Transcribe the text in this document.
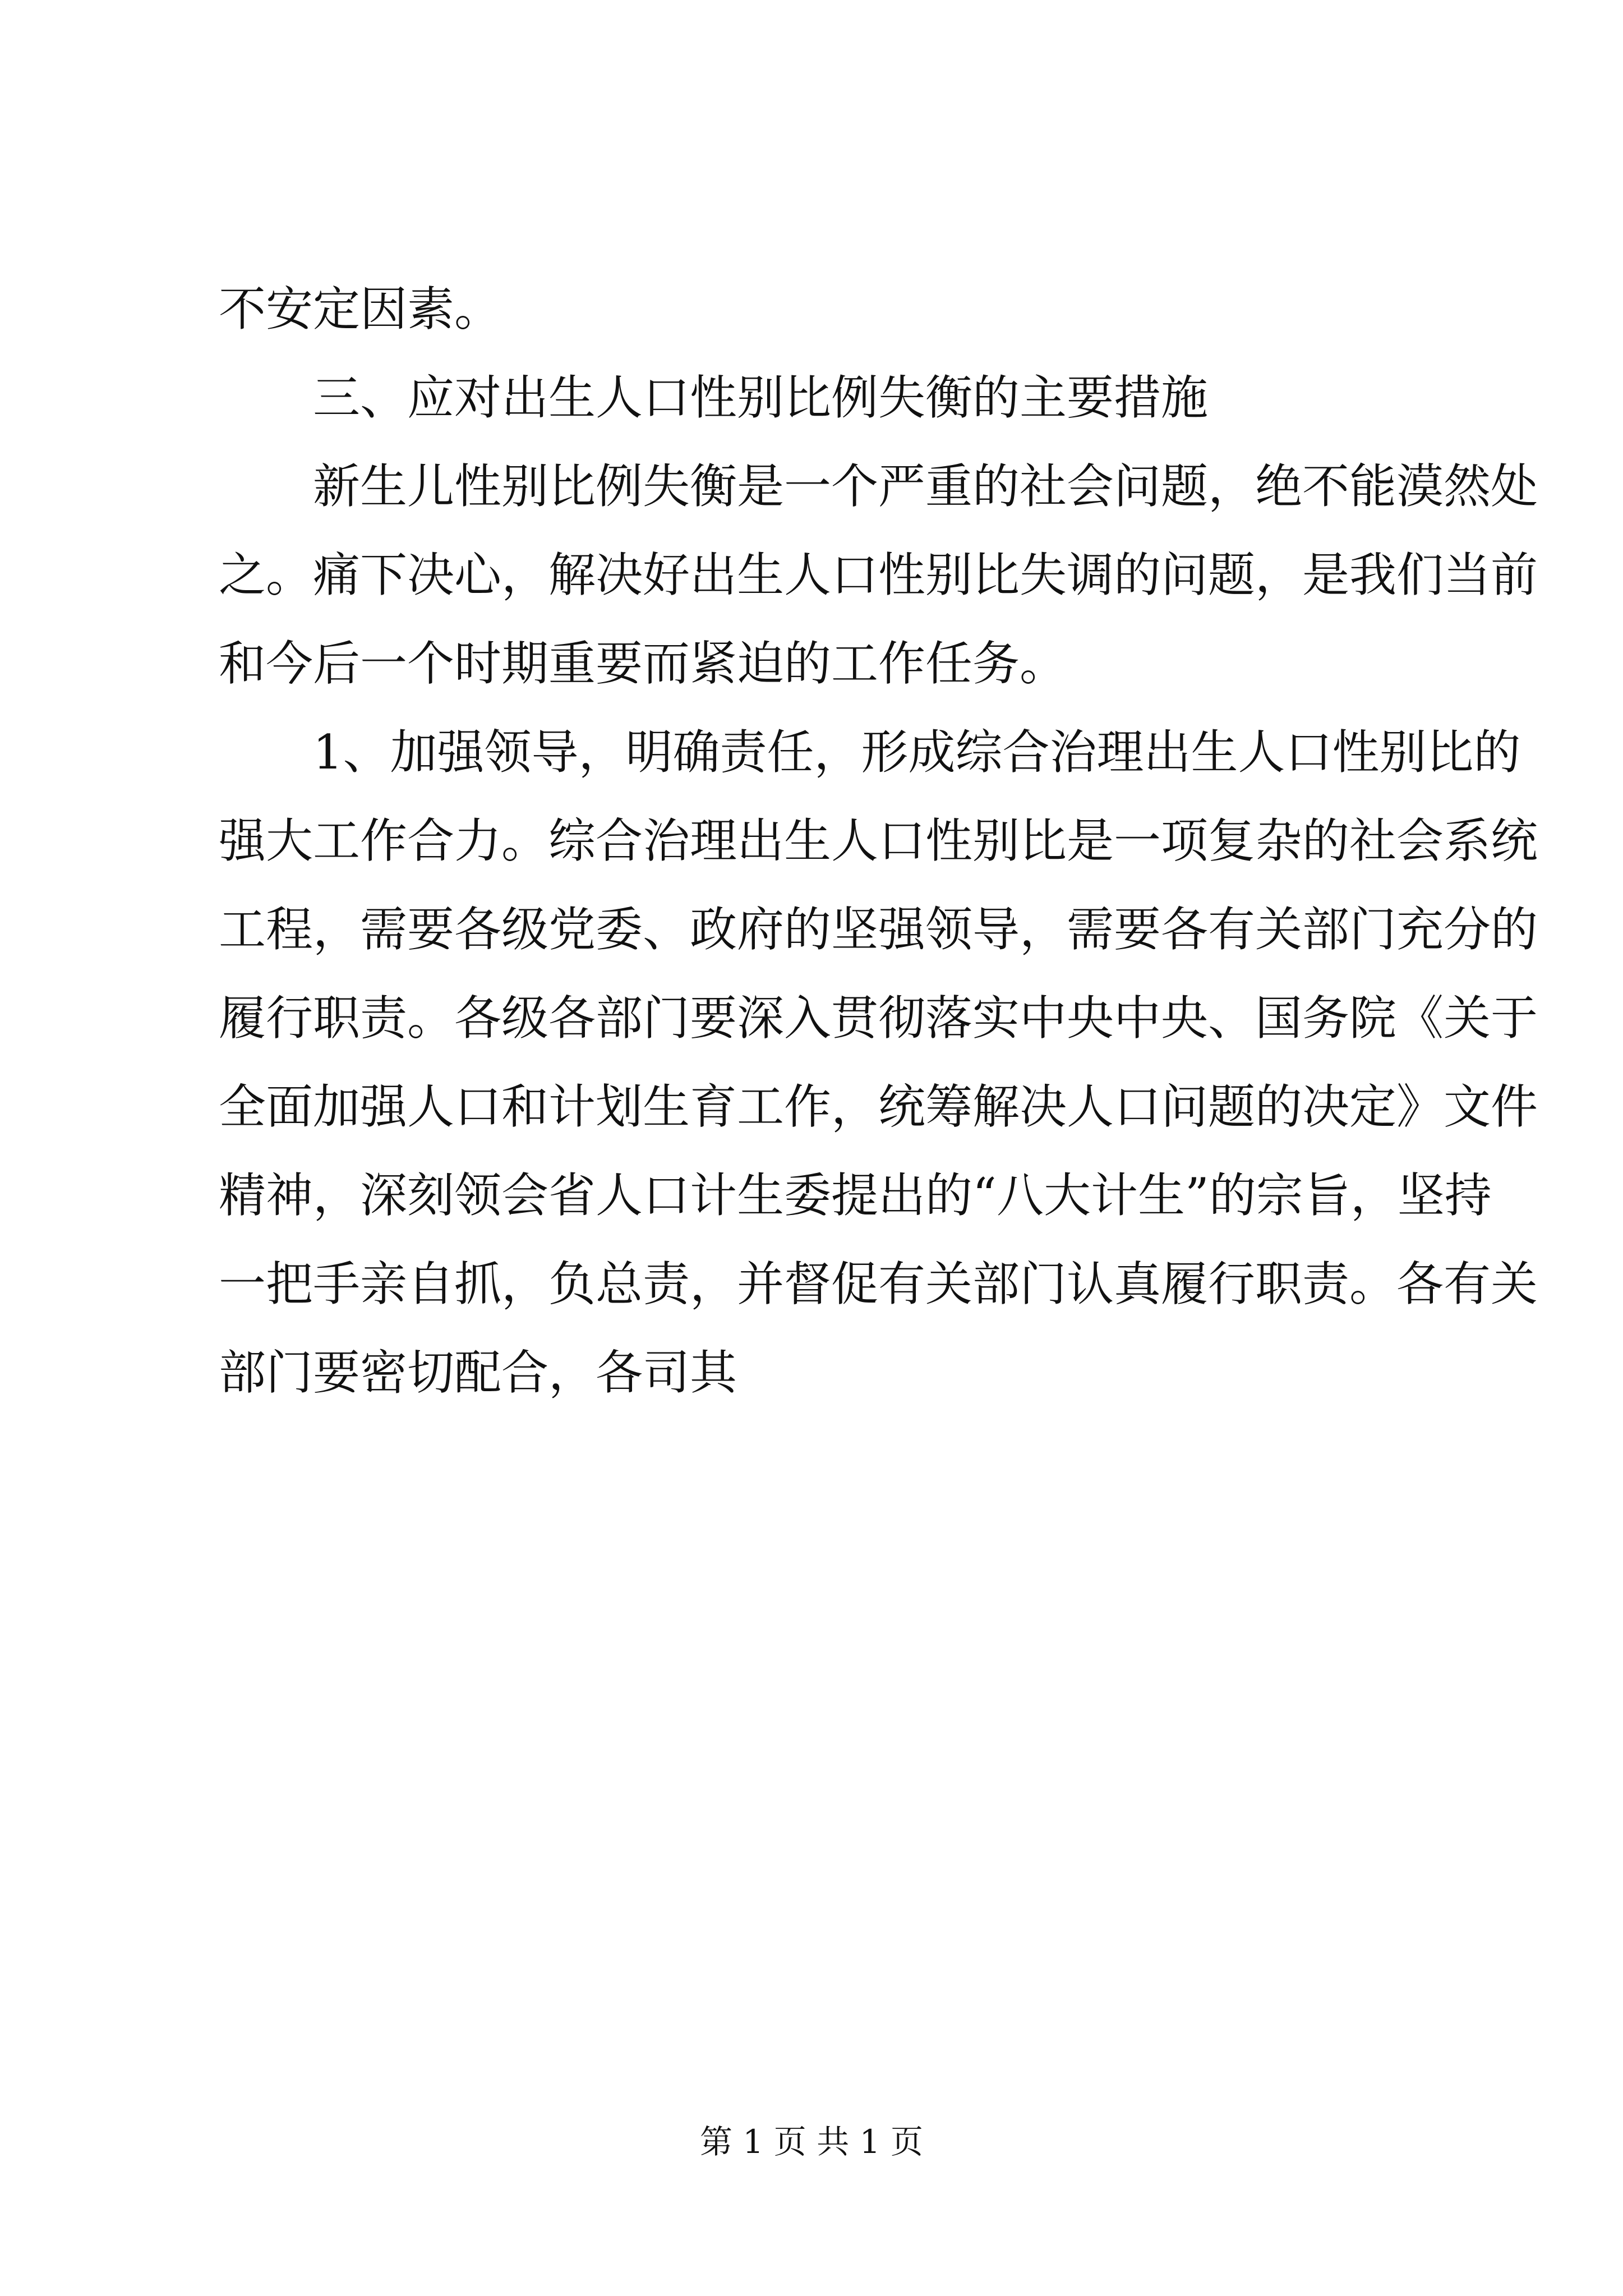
不安定因素。
三、应对出生人口性别比例失衡的主要措施
新生儿性别比例失衡是一个严重的社会问题，绝不能漠然处
之。痛下决心，解决好出生人口性别比失调的问题，是我们当前
和今后一个时期重要而紧迫的工作任务。
1、加强领导，明确责任，形成综合治理出生人口性别比的
强大工作合力。综合治理出生人口性别比是一项复杂的社会系统
工程，需要各级党委、政府的坚强领导，需要各有关部门充分的
履行职责。各级各部门要深入贯彻落实中央中央、国务院《关于
全面加强人口和计划生育工作，统筹解决人口问题的决定》文件
精神，深刻领会省人口计生委提出的“八大计生”的宗旨，坚持
一把手亲自抓，负总责，并督促有关部门认真履行职责。各有关
部门要密切配合，各司其
第 1 页 共 1 页
